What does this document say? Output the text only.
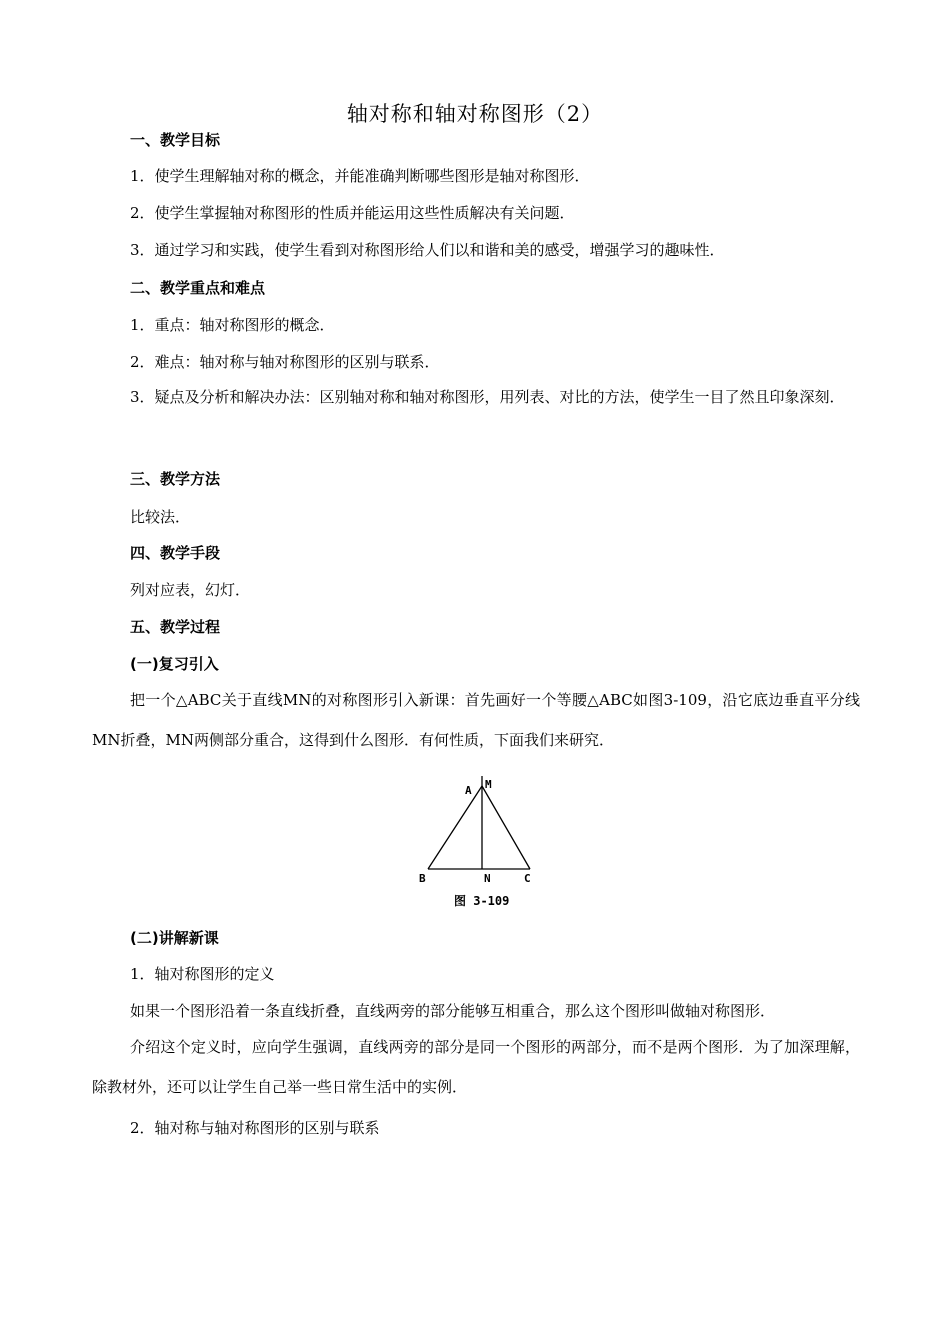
轴对称和轴对称图形（2）
一、教学目标
1．使学生理解轴对称的概念，并能准确判断哪些图形是轴对称图形．
2．使学生掌握轴对称图形的性质并能运用这些性质解决有关问题．
3．通过学习和实践，使学生看到对称图形给人们以和谐和美的感受，增强学习的趣味性．
二、教学重点和难点
1．重点：轴对称图形的概念．
2．难点：轴对称与轴对称图形的区别与联系．
3．疑点及分析和解决办法：区别轴对称和轴对称图形，用列表、对比的方法，使学生一目了然且印象深刻．
三、教学方法
比较法．
四、教学手段
列对应表，幻灯．
五、教学过程
(一)复习引入
把一个△ABC关于直线MN的对称图形引入新课：首先画好一个等腰△ABC如图3-109，沿它底边垂直平分线MN折叠，MN两侧部分重合，这得到什么图形．有何性质，下面我们来研究．
A M
B	N	C
图 3-109
(二)讲解新课
1．轴对称图形的定义
如果一个图形沿着一条直线折叠，直线两旁的部分能够互相重合，那么这个图形叫做轴对称图形．
介绍这个定义时，应向学生强调，直线两旁的部分是同一个图形的两部分，而不是两个图形．为了加深理解，除教材外，还可以让学生自己举一些日常生活中的实例．
2．轴对称与轴对称图形的区别与联系
